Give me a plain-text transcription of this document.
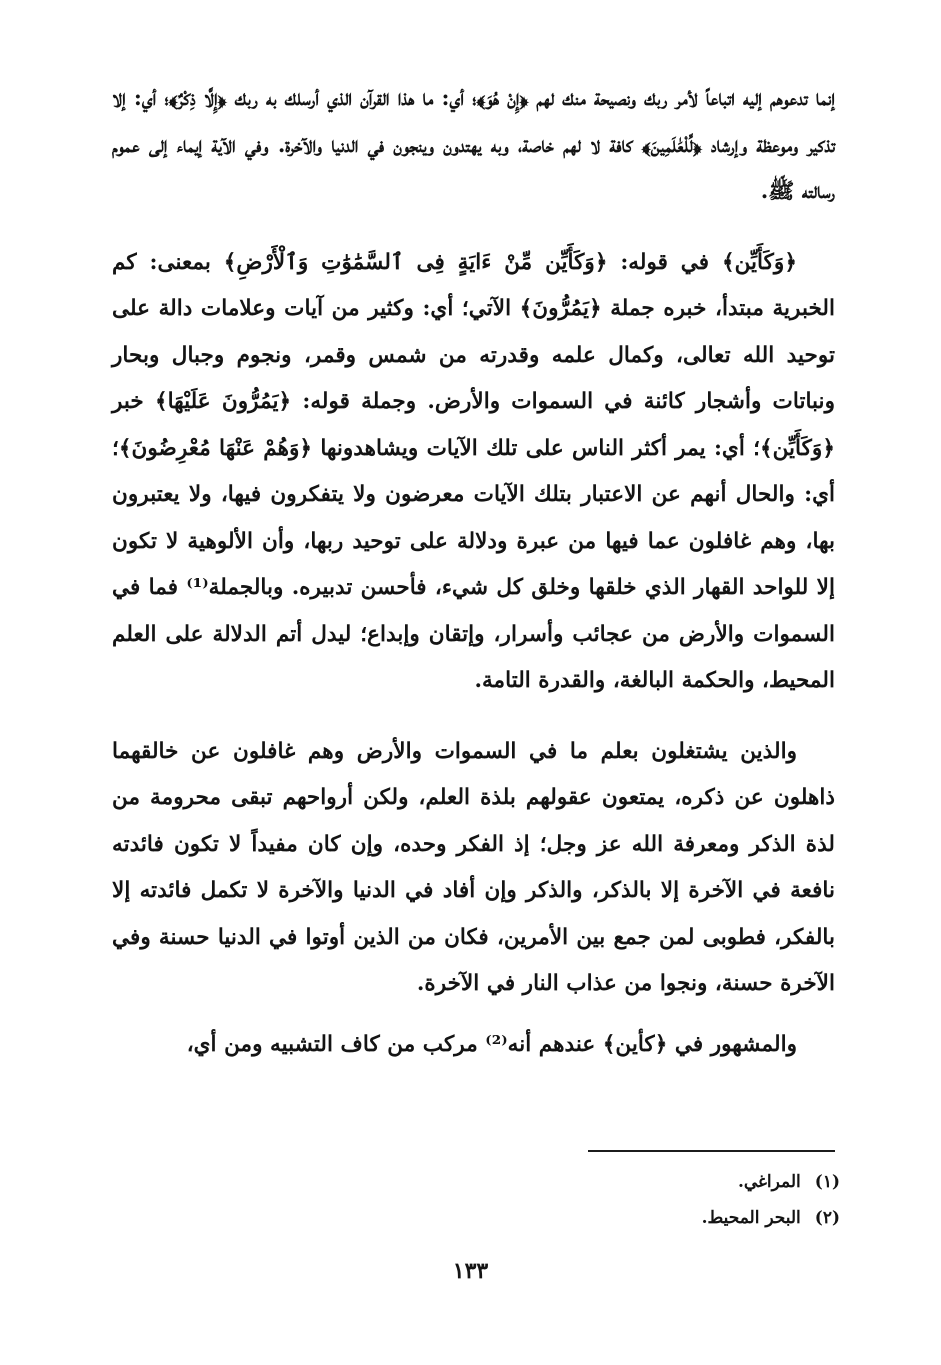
إنما تدعوهم إليه اتباعاً لأمر ربك ونصيحة منك لهم ﴿إِنْ هُوَ﴾؛ أي: ما هذا القرآن الذي أرسلك به ربك ﴿إِلَّا ذِكْرٌ﴾؛ أي: إلا تذكير وموعظة وإرشاد ﴿لِّلْعَٰلَمِينَ﴾ كافة لا لهم خاصة، وبه يهتدون وينجون في الدنيا والآخرة. وفي الآية إيماء إلى عموم رسالته ﷺ.

﴿وَكَأَيِّن﴾ في قوله: ﴿وَكَأَيِّن مِّنْ ءَايَةٍ فِى ٱلسَّمَٰوَٰتِ وَٱلْأَرْضِ﴾ بمعنى: كم الخبرية مبتدأ، خبره جملة ﴿يَمُرُّونَ﴾ الآتي؛ أي: وكثير من آيات وعلامات دالة على توحيد الله تعالى، وكمال علمه وقدرته من شمس وقمر، ونجوم وجبال وبحار ونباتات وأشجار كائنة في السموات والأرض. وجملة قوله: ﴿يَمُرُّونَ عَلَيْهَا﴾ خبر ﴿وَكَأَيِّن﴾؛ أي: يمر أكثر الناس على تلك الآيات ويشاهدونها ﴿وَهُمْ عَنْهَا مُعْرِضُونَ﴾؛ أي: والحال أنهم عن الاعتبار بتلك الآيات معرضون ولا يتفكرون فيها، ولا يعتبرون بها، وهم غافلون عما فيها من عبرة ودلالة على توحيد ربها، وأن الألوهية لا تكون إلا للواحد القهار الذي خلقها وخلق كل شيء، فأحسن تدبيره. وبالجملة⁽¹⁾ فما في السموات والأرض من عجائب وأسرار، وإتقان وإبداع؛ ليدل أتم الدلالة على العلم المحيط، والحكمة البالغة، والقدرة التامة.

والذين يشتغلون بعلم ما في السموات والأرض وهم غافلون عن خالقهما ذاهلون عن ذكره، يمتعون عقولهم بلذة العلم، ولكن أرواحهم تبقى محرومة من لذة الذكر ومعرفة الله عز وجل؛ إذ الفكر وحده، وإن كان مفيداً لا تكون فائدته نافعة في الآخرة إلا بالذكر، والذكر وإن أفاد في الدنيا والآخرة لا تكمل فائدته إلا بالفكر، فطوبى لمن جمع بين الأمرين، فكان من الذين أوتوا في الدنيا حسنة وفي الآخرة حسنة، ونجوا من عذاب النار في الآخرة.

والمشهور في ﴿كأين﴾ عندهم أنه⁽²⁾ مركب من كاف التشبيه ومن أي،

(١)المراغي.

(٢)البحر المحيط.

١٣٣
